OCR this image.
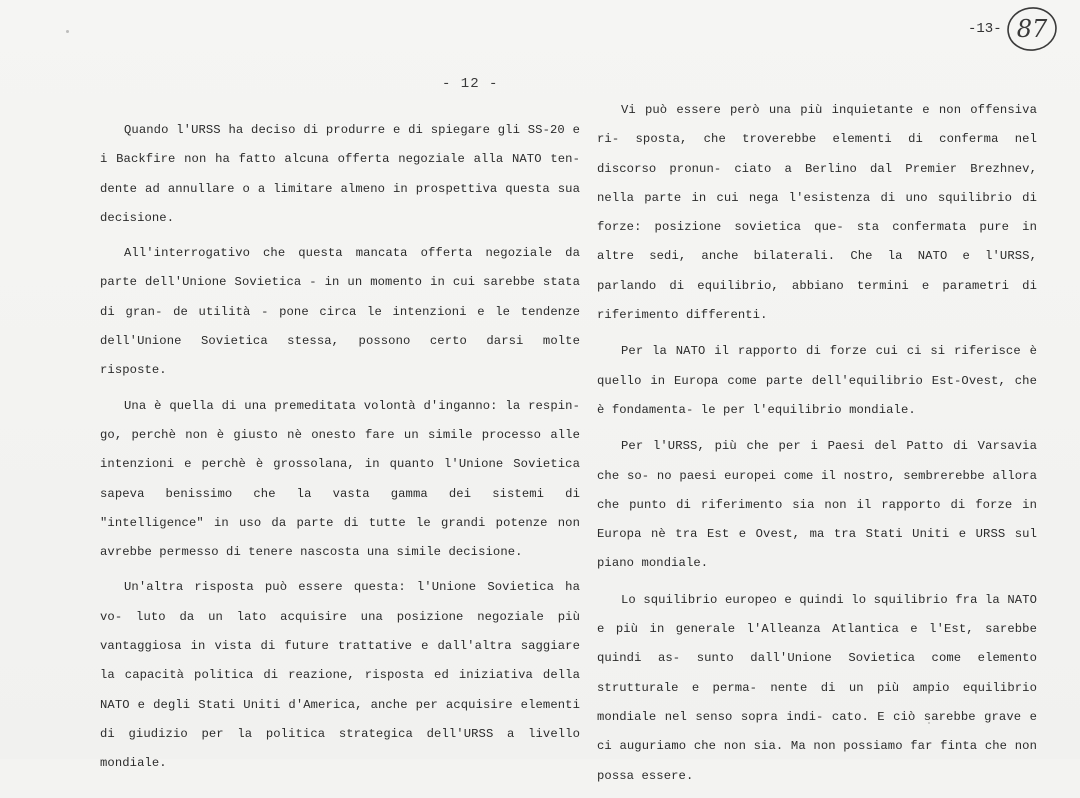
- 12 -
-13- 87

Quando l'URSS ha deciso di produrre e di spiegare gli SS-20 e i Backfire non ha fatto alcuna offerta negoziale alla NATO ten- dente ad annullare o a limitare almeno in prospettiva questa sua decisione.

All'interrogativo che questa mancata offerta negoziale da parte dell'Unione Sovietica - in un momento in cui sarebbe stata di gran- de utilità - pone circa le intenzioni e le tendenze dell'Unione Sovietica stessa, possono certo darsi molte risposte.

Una è quella di una premeditata volontà d'inganno: la respin- go, perchè non è giusto nè onesto fare un simile processo alle intenzioni e perchè è grossolana, in quanto l'Unione Sovietica sapeva benissimo che la vasta gamma dei sistemi di "intelligence" in uso da parte di tutte le grandi potenze non avrebbe permesso di tenere nascosta una simile decisione.

Un'altra risposta può essere questa: l'Unione Sovietica ha vo- luto da un lato acquisire una posizione negoziale più vantaggiosa in vista di future trattative e dall'altra saggiare la capacità politica di reazione, risposta ed iniziativa della NATO e degli Stati Uniti d'America, anche per acquisire elementi di giudizio per la politica strategica dell'URSS a livello mondiale.

Vi può essere però una più inquietante e non offensiva ri- sposta, che troverebbe elementi di conferma nel discorso pronun- ciato a Berlino dal Premier Brezhnev, nella parte in cui nega l'esistenza di uno squilibrio di forze: posizione sovietica que- sta confermata pure in altre sedi, anche bilaterali. Che la NATO e l'URSS, parlando di equilibrio, abbiano termini e parametri di riferimento differenti.

Per la NATO il rapporto di forze cui ci si riferisce è quello in Europa come parte dell'equilibrio Est-Ovest, che è fondamenta- le per l'equilibrio mondiale.

Per l'URSS, più che per i Paesi del Patto di Varsavia che so- no paesi europei come il nostro, sembrerebbe allora che punto di riferimento sia non il rapporto di forze in Europa nè tra Est e Ovest, ma tra Stati Uniti e URSS sul piano mondiale.

Lo squilibrio europeo e quindi lo squilibrio fra la NATO e più in generale l'Alleanza Atlantica e l'Est, sarebbe quindi as- sunto dall'Unione Sovietica come elemento strutturale e perma- nente di un più ampio equilibrio mondiale nel senso sopra indi- cato. E ciò sarebbe grave e ci auguriamo che non sia. Ma non possiamo far finta che non possa essere.
